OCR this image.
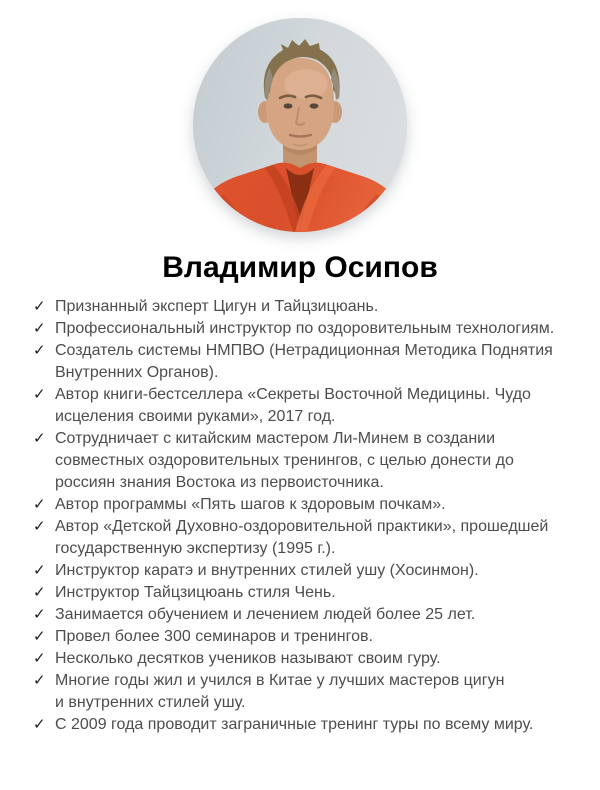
Владимир Осипов
✓ Признанный эксперт Цигун и Тайцзицюань.
✓ Профессиональный инструктор по оздоровительным технологиям.
✓ Создатель системы НМПВО (Нетрадиционная Методика Поднятия Внутренних Органов).
✓ Автор книги-бестселлера «Секреты Восточной Медицины. Чудо исцеления своими руками», 2017 год.
✓ Сотрудничает с китайским мастером Ли-Минем в создании совместных оздоровительных тренингов, с целью донести до россиян знания Востока из первоисточника.
✓ Автор программы «Пять шагов к здоровым почкам».
✓ Автор «Детской Духовно-оздоровительной практики», прошедшей государственную экспертизу (1995 г.).
✓ Инструктор каратэ и внутренних стилей ушу (Хосинмон).
✓ Инструктор Тайцзицюань стиля Чень.
✓ Занимается обучением и лечением людей более 25 лет.
✓ Провел более 300 семинаров и тренингов.
✓ Несколько десятков учеников называют своим гуру.
✓ Многие годы жил и учился в Китае у лучших мастеров цигун и внутренних стилей ушу.
✓ С 2009 года проводит заграничные тренинг туры по всему миру.
